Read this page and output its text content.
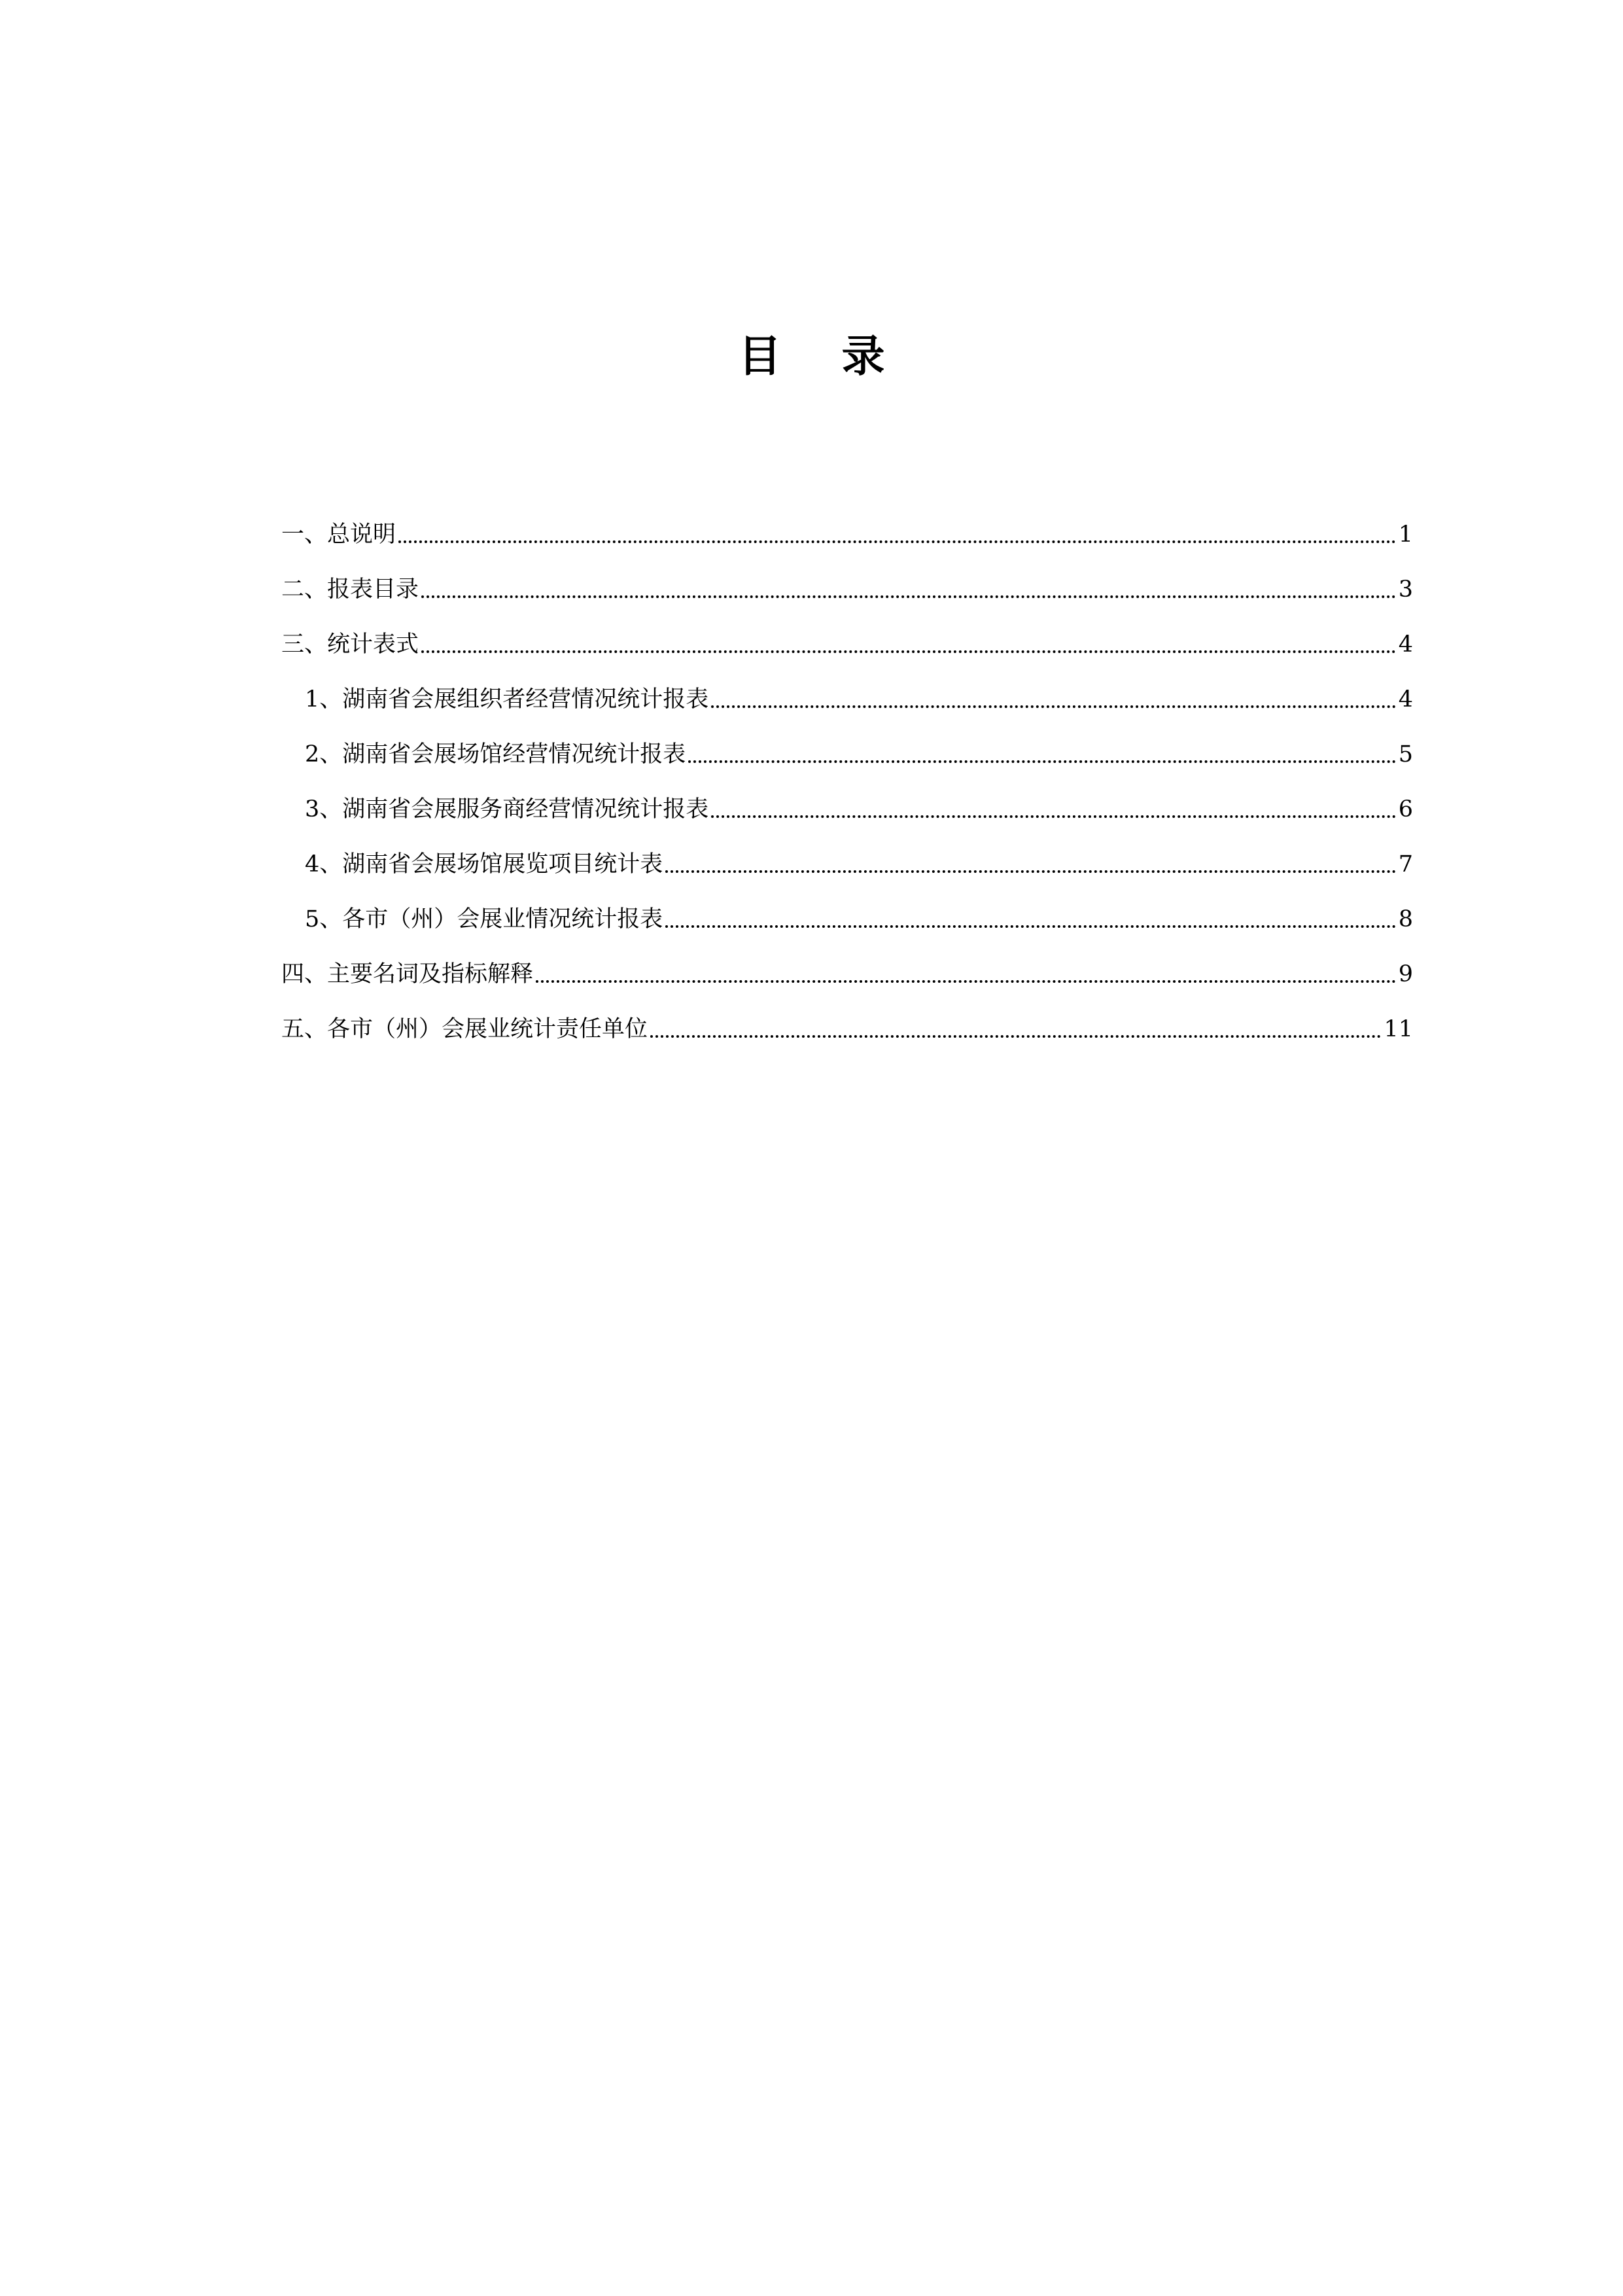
目 录
一、总说明	1
二、报表目录	3
三、统计表式	4
1、湖南省会展组织者经营情况统计报表	4
2、湖南省会展场馆经营情况统计报表	5
3、湖南省会展服务商经营情况统计报表	6
4、湖南省会展场馆展览项目统计表	7
5、各市（州）会展业情况统计报表	8
四、主要名词及指标解释	9
五、各市（州）会展业统计责任单位	11
